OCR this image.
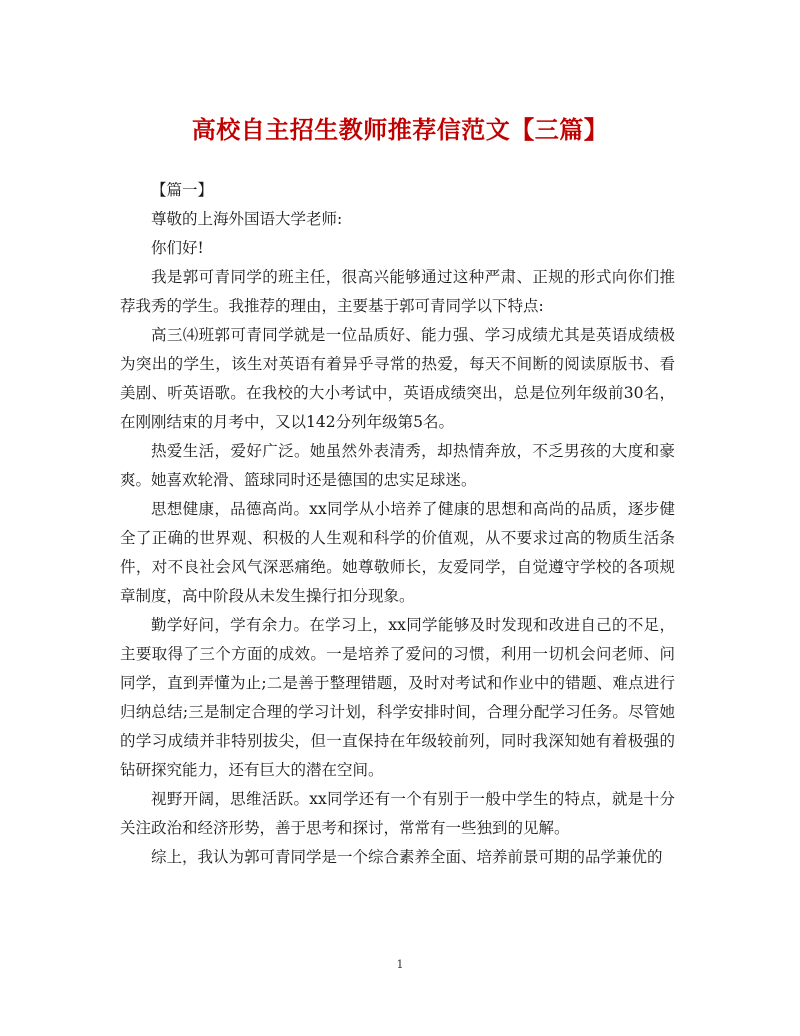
高校自主招生教师推荐信范文【三篇】

【篇一】

尊敬的上海外国语大学老师:

你们好!

我是郭可青同学的班主任，很高兴能够通过这种严肃、正规的形式向你们推荐我秀的学生。我推荐的理由，主要基于郭可青同学以下特点:

高三⑷班郭可青同学就是一位品质好、能力强、学习成绩尤其是英语成绩极为突出的学生，该生对英语有着异乎寻常的热爱，每天不间断的阅读原版书、看美剧、听英语歌。在我校的大小考试中，英语成绩突出，总是位列年级前30名，在刚刚结束的月考中，又以142分列年级第5名。

热爱生活，爱好广泛。她虽然外表清秀，却热情奔放，不乏男孩的大度和豪爽。她喜欢轮滑、篮球同时还是德国的忠实足球迷。

思想健康，品德高尚。xx同学从小培养了健康的思想和高尚的品质，逐步健全了正确的世界观、积极的人生观和科学的价值观，从不要求过高的物质生活条件，对不良社会风气深恶痛绝。她尊敬师长，友爱同学，自觉遵守学校的各项规章制度，高中阶段从未发生操行扣分现象。

勤学好问，学有余力。在学习上，xx同学能够及时发现和改进自己的不足，主要取得了三个方面的成效。一是培养了爱问的习惯，利用一切机会问老师、问同学，直到弄懂为止;二是善于整理错题，及时对考试和作业中的错题、难点进行归纳总结;三是制定合理的学习计划，科学安排时间，合理分配学习任务。尽管她的学习成绩并非特别拔尖，但一直保持在年级较前列，同时我深知她有着极强的钻研探究能力，还有巨大的潜在空间。

视野开阔，思维活跃。xx同学还有一个有别于一般中学生的特点，就是十分关注政治和经济形势，善于思考和探讨，常常有一些独到的见解。

综上，我认为郭可青同学是一个综合素养全面、培养前景可期的品学兼优的

1
